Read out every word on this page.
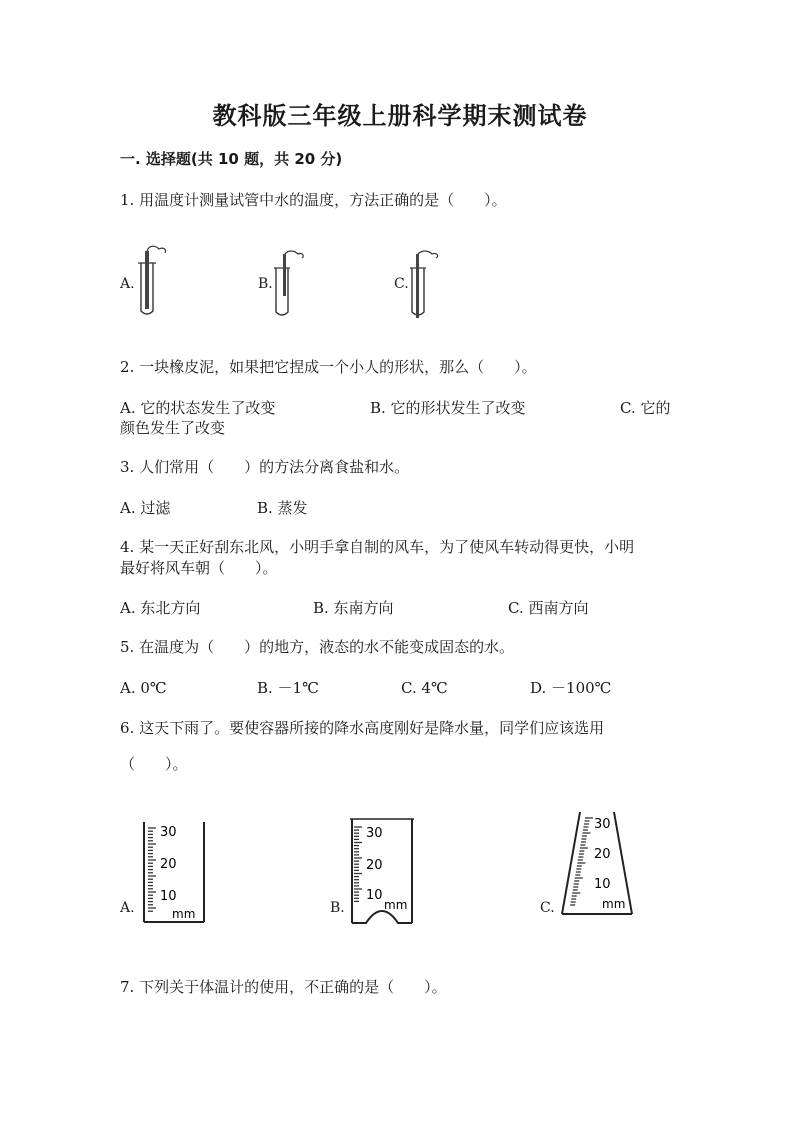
教科版三年级上册科学期末测试卷
一. 选择题(共 10 题，共 20 分)
1. 用温度计测量试管中水的温度，方法正确的是（　　）。
A.	B.	C.
2. 一块橡皮泥，如果把它捏成一个小人的形状，那么（　　）。
A. 它的状态发生了改变	B. 它的形状发生了改变	C. 它的
颜色发生了改变
3. 人们常用（　　）的方法分离食盐和水。
A. 过滤	B. 蒸发
4. 某一天正好刮东北风，小明手拿自制的风车，为了使风车转动得更快，小明
最好将风车朝（　　）。
A. 东北方向	B. 东南方向	C. 西南方向
5. 在温度为（　　）的地方，液态的水不能变成固态的水。
A. 0℃	B. －1℃	C. 4℃	D. －100℃
6. 这天下雨了。要使容器所接的降水高度刚好是降水量，同学们应该选用
（　　）。
A.
30
20
10
mm	B.
30
20
10
mm	C.
30
20
10
mm
7. 下列关于体温计的使用，不正确的是（　　）。
